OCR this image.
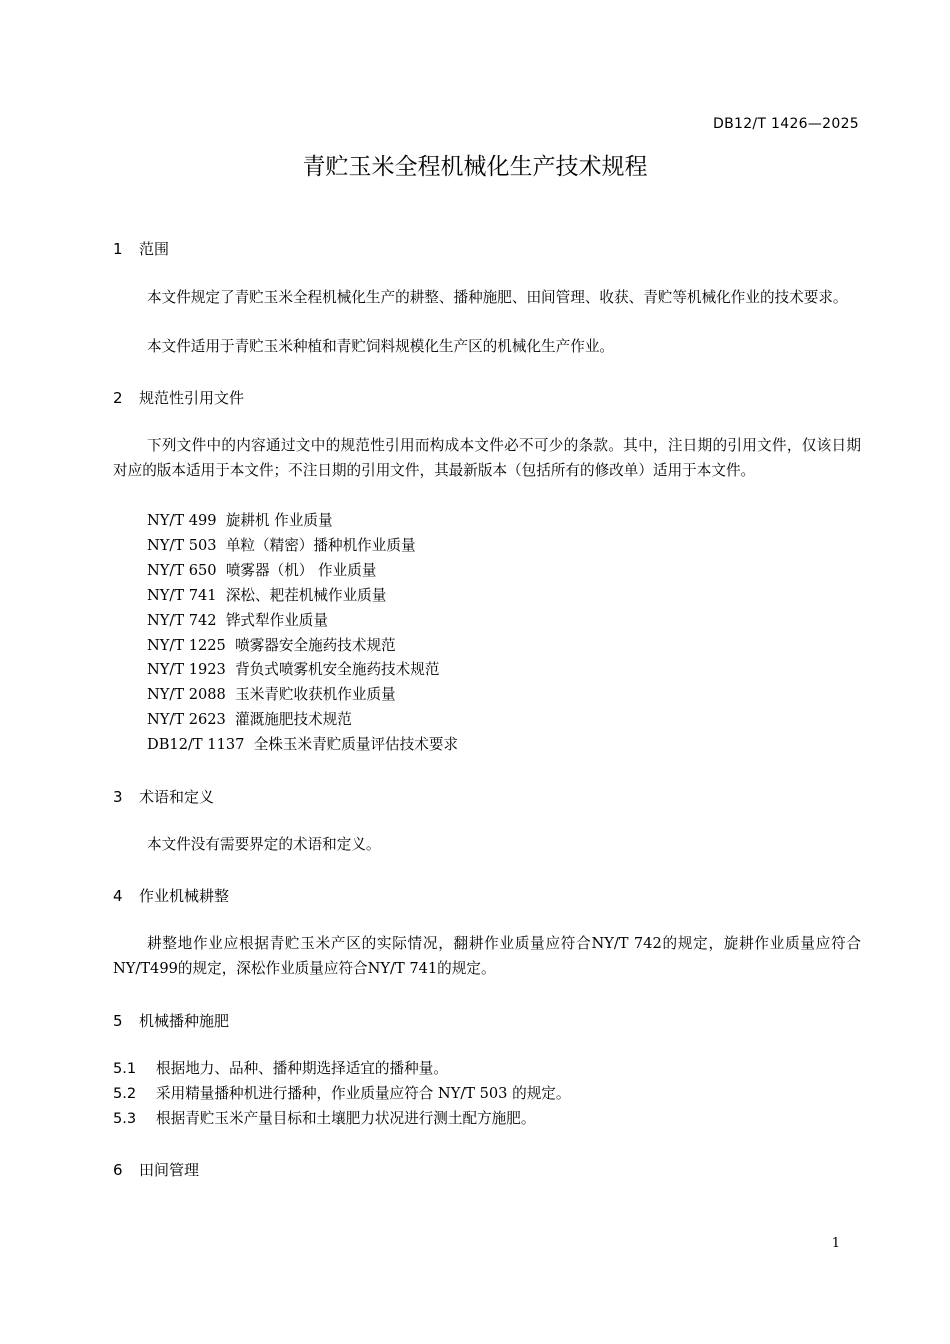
DB12/T 1426—2025
青贮玉米全程机械化生产技术规程
1 范围

本文件规定了青贮玉米全程机械化生产的耕整、播种施肥、田间管理、收获、青贮等机械化作业的技术要求。

本文件适用于青贮玉米种植和青贮饲料规模化生产区的机械化生产作业。

2 规范性引用文件

下列文件中的内容通过文中的规范性引用而构成本文件必不可少的条款。其中，注日期的引用文件，仅该日期对应的版本适用于本文件；不注日期的引用文件，其最新版本（包括所有的修改单）适用于本文件。

NY/T 499  旋耕机 作业质量
NY/T 503  单粒（精密）播种机作业质量
NY/T 650  喷雾器（机） 作业质量
NY/T 741  深松、耙茬机械作业质量
NY/T 742  铧式犁作业质量
NY/T 1225  喷雾器安全施药技术规范
NY/T 1923  背负式喷雾机安全施药技术规范
NY/T 2088  玉米青贮收获机作业质量
NY/T 2623  灌溉施肥技术规范
DB12/T 1137  全株玉米青贮质量评估技术要求
3 术语和定义

本文件没有需要界定的术语和定义。

4 作业机械耕整

耕整地作业应根据青贮玉米产区的实际情况，翻耕作业质量应符合NY/T 742的规定，旋耕作业质量应符合NY/T499的规定，深松作业质量应符合NY/T 741的规定。

5 机械播种施肥
5.1 根据地力、品种、播种期选择适宜的播种量。
5.2 采用精量播种机进行播种，作业质量应符合 NY/T 503 的规定。
5.3 根据青贮玉米产量目标和土壤肥力状况进行测土配方施肥。
6 田间管理
1
